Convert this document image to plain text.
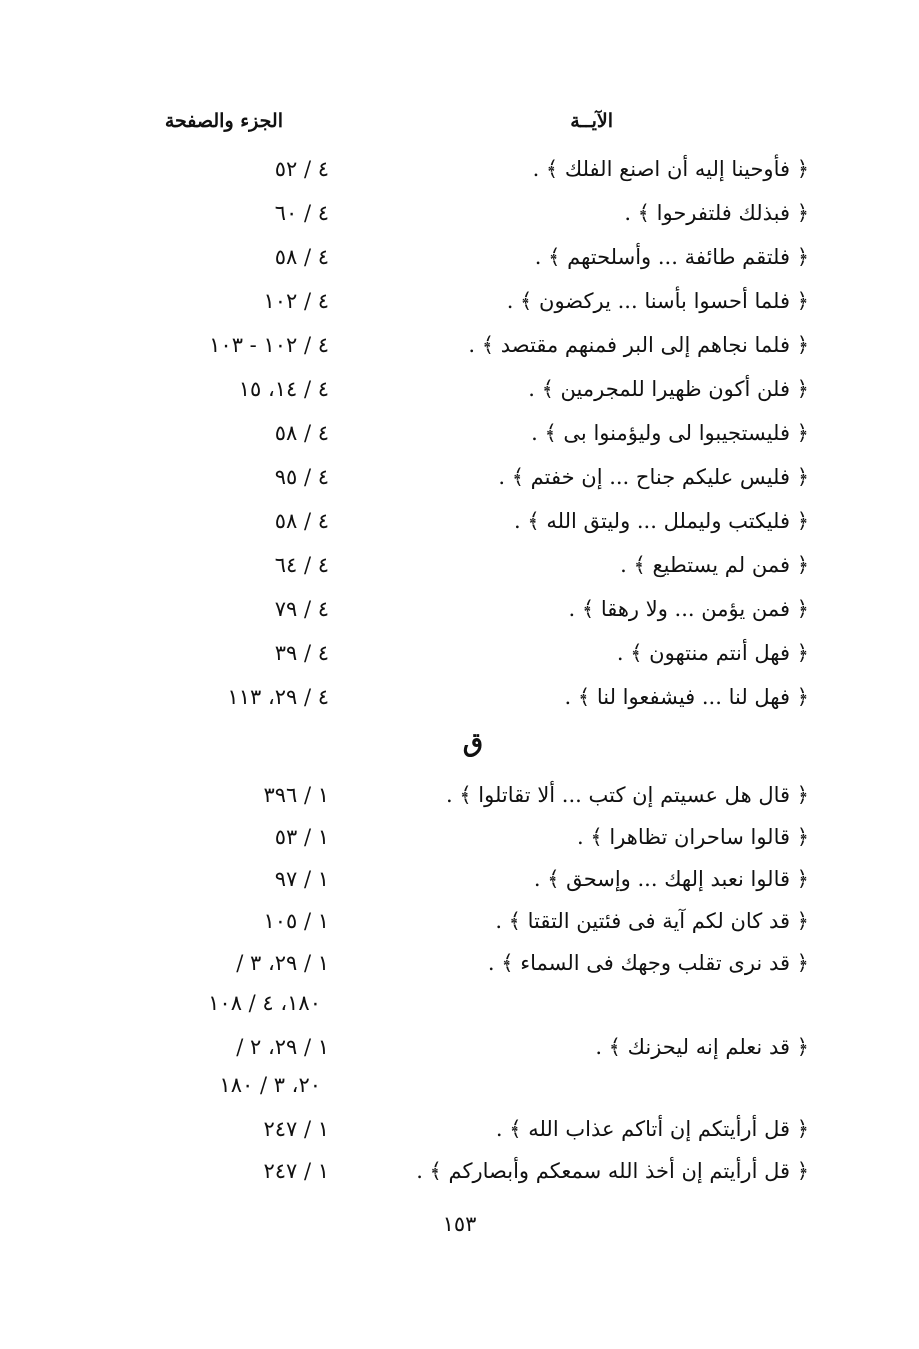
الآيــة
الجزء والصفحة
﴿ فأوحينا إليه أن اصنع الفلك ﴾ .
٤ / ٥٢
﴿ فبذلك فلتفرحوا ﴾ .
٤ / ٦٠
﴿ فلتقم طائفة ... وأسلحتهم ﴾ .
٤ / ٥٨
﴿ فلما أحسوا بأسنا ... يركضون ﴾ .
٤ / ١٠٢
﴿ فلما نجاهم إلى البر فمنهم مقتصد ﴾ .
٤ / ١٠٢ - ١٠٣
﴿ فلن أكون ظهيرا للمجرمين ﴾ .
٤ / ١٤، ١٥
﴿ فليستجيبوا لى وليؤمنوا بى ﴾ .
٤ / ٥٨
﴿ فليس عليكم جناح ... إن خفتم ﴾ .
٤ / ٩٥
﴿ فليكتب وليملل ... وليتق الله ﴾ .
٤ / ٥٨
﴿ فمن لم يستطيع ﴾ .
٤ / ٦٤
﴿ فمن يؤمن ... ولا رهقا ﴾ .
٤ / ٧٩
﴿ فهل أنتم منتهون ﴾ .
٤ / ٣٩
﴿ فهل لنا ... فيشفعوا لنا ﴾ .
٤ / ٢٩، ١١٣
ق
﴿ قال هل عسيتم إن كتب ... ألا تقاتلوا ﴾ .
١ / ٣٩٦
﴿ قالوا ساحران تظاهرا ﴾ .
١ / ٥٣
﴿ قالوا نعبد إلهك ... وإسحق ﴾ .
١ / ٩٧
﴿ قد كان لكم آية فى فئتين التقتا ﴾ .
١ / ١٠٥
﴿ قد نرى تقلب وجهك فى السماء ﴾ .
١ / ٢٩، ٣ /
١٨٠، ٤ / ١٠٨
﴿ قد نعلم إنه ليحزنك ﴾ .
١ / ٢٩، ٢ /
٢٠، ٣ / ١٨٠
﴿ قل أرأيتكم إن أتاكم عذاب الله ﴾ .
١ / ٢٤٧
﴿ قل أرأيتم إن أخذ الله سمعكم وأبصاركم ﴾ .
١ / ٢٤٧
١٥٣
